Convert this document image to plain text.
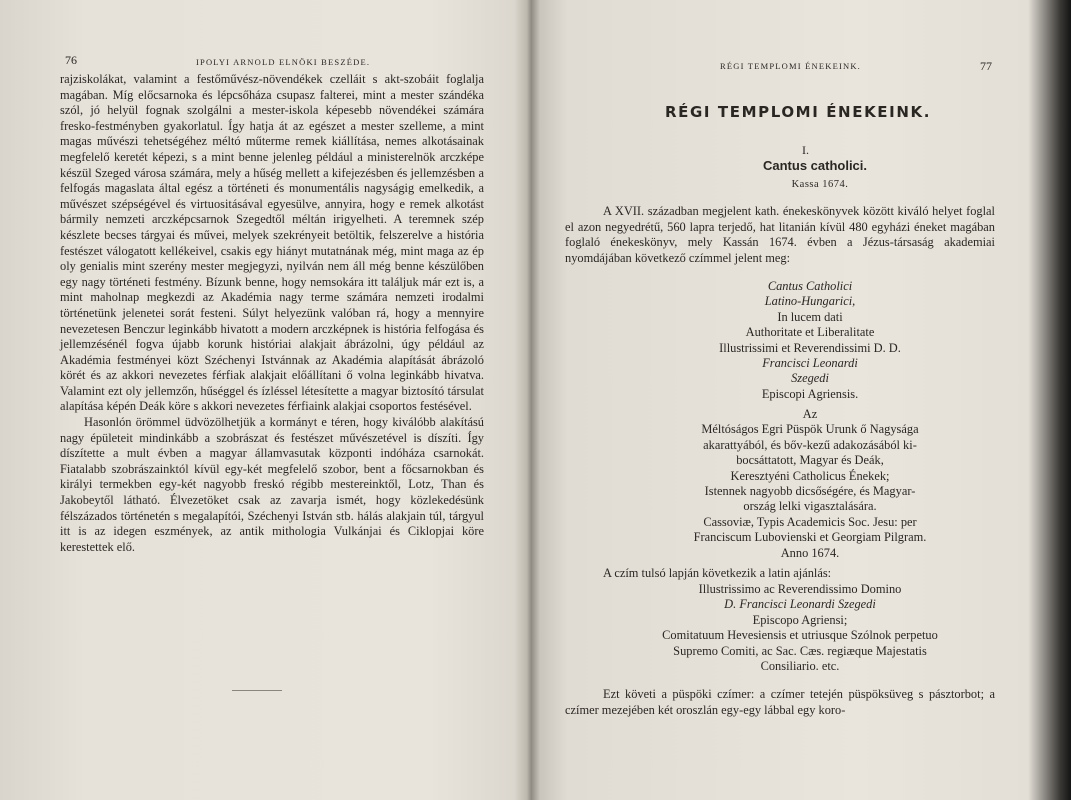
76	IPOLYI ARNOLD ELNÖKI BESZÉDE.

rajziskolákat, valamint a festőművész-növendékek czelláit s akt-szobáit foglalja magában. Míg előcsarnoka és lépcsőháza csupasz falterei, mint a mester szándéka szól, jó helyül fognak szolgálni a mester-iskola képesebb növendékei számára fresko-festményben gyakorlatul. Így hatja át az egészet a mester szelleme, a mint magas művészi tehetségéhez méltó műterme remek kiállítása, nemes alkotásainak megfelelő keretét képezi, s a mint benne jelenleg például a ministerelnök arczképe készül Szeged városa számára, mely a hűség mellett a kifejezésben és jellemzésben a felfogás magaslata által egész a történeti és monumentális nagyságig emelkedik, a művészet szépségével és virtuositásával egyesülve, annyira, hogy e remek alkotást bármily nemzeti arczképcsarnok Szegedtől méltán irigyelheti. A teremnek szép készlete becses tárgyai és művei, melyek szekrényeit betöltik, felszerelve a história festészet válogatott kellékeivel, csakis egy hiányt mutatnának még, mint maga az ép oly genialis mint szerény mester megjegyzi, nyilván nem áll még benne készülőben egy nagy történeti festmény. Bízunk benne, hogy nemsokára itt találjuk már ezt is, a mint maholnap megkezdi az Akadémia nagy terme számára nemzeti irodalmi történetünk jelenetei sorát festeni. Súlyt helyezünk valóban rá, hogy a mennyire nevezetesen Benczur leginkább hivatott a modern arczképnek is história felfogása és jellemzésénél fogva újabb korunk históriai alakjait ábrázolni, úgy például az Akadémia festményei közt Széchenyi Istvánnak az Akadémia alapítását ábrázoló körét és az akkori nevezetes férfiak alakjait előállítani ő volna leginkább hivatva. Valamint ezt oly jellemzőn, hűséggel és ízléssel létesítette a magyar biztosító társulat alapítása képén Deák köre s akkori nevezetes férfiaink alakjai csoportos festésével.

Hasonlón örömmel üdvözölhetjük a kormányt e téren, hogy kiválóbb alakítású nagy épületeit mindinkább a szobrászat és festészet művészetével is díszíti. Így díszítette a mult évben a magyar államvasutak központi indóháza csarnokát. Fiatalabb szobrászainktól kívül egy-két megfelelő szobor, bent a főcsarnokban és királyi termekben egy-két nagyobb freskó régibb mestereinktől, Lotz, Than és Jakobeytől látható. Élvezetöket csak az zavarja ismét, hogy közlekedésünk félszázados történetén s megalapítói, Széchenyi István stb. hálás alakjain túl, tárgyul itt is az idegen eszmények, az antik mithologia Vulkánjai és Ciklopjai köre kerestettek elő.

RÉGI TEMPLOMI ÉNEKEINK.	77
RÉGI TEMPLOMI ÉNEKEINK.
I.
Cantus catholici.
Kassa 1674.

A XVII. században megjelent kath. énekeskönyvek között kiváló helyet foglal el azon negyedrétű, 560 lapra terjedő, hat litanián kívül 480 egyházi éneket magában foglaló énekeskönyv, mely Kassán 1674. évben a Jézus-társaság akademiai nyomdájában következő czímmel jelent meg:

Cantus Catholici
Latino-Hungarici,
In lucem dati
Authoritate et Liberalitate
Illustrissimi et Reverendissimi D. D.
Francisci Leonardi
Szegedi
Episcopi Agriensis.
Az
Méltóságos Egri Püspök Urunk ő Nagysága
akarattyából, és bőv-kezű adakozásából ki-
bocsáttatott, Magyar és Deák,
Keresztyéni Catholicus Énekek;
Istennek nagyobb dicsőségére, és Magyar-
ország lelki vigasztalására.
Cassoviæ, Typis Academicis Soc. Jesu: per
Franciscum Lubovienski et Georgiam Pilgram.
Anno 1674.
A czím tulsó lapján következik a latin ajánlás:
Illustrissimo ac Reverendissimo Domino
D. Francisci Leonardi Szegedi
Episcopo Agriensi;
Comitatuum Hevesiensis et utriusque Szólnok perpetuo
Supremo Comiti, ac Sac. Cæs. regiæque Majestatis
Consiliario. etc.
Ezt követi a püspöki czímer: a czímer tetején püspöksüveg s pásztorbot; a czímer mezejében két oroszlán egy-egy lábbal egy koro-
